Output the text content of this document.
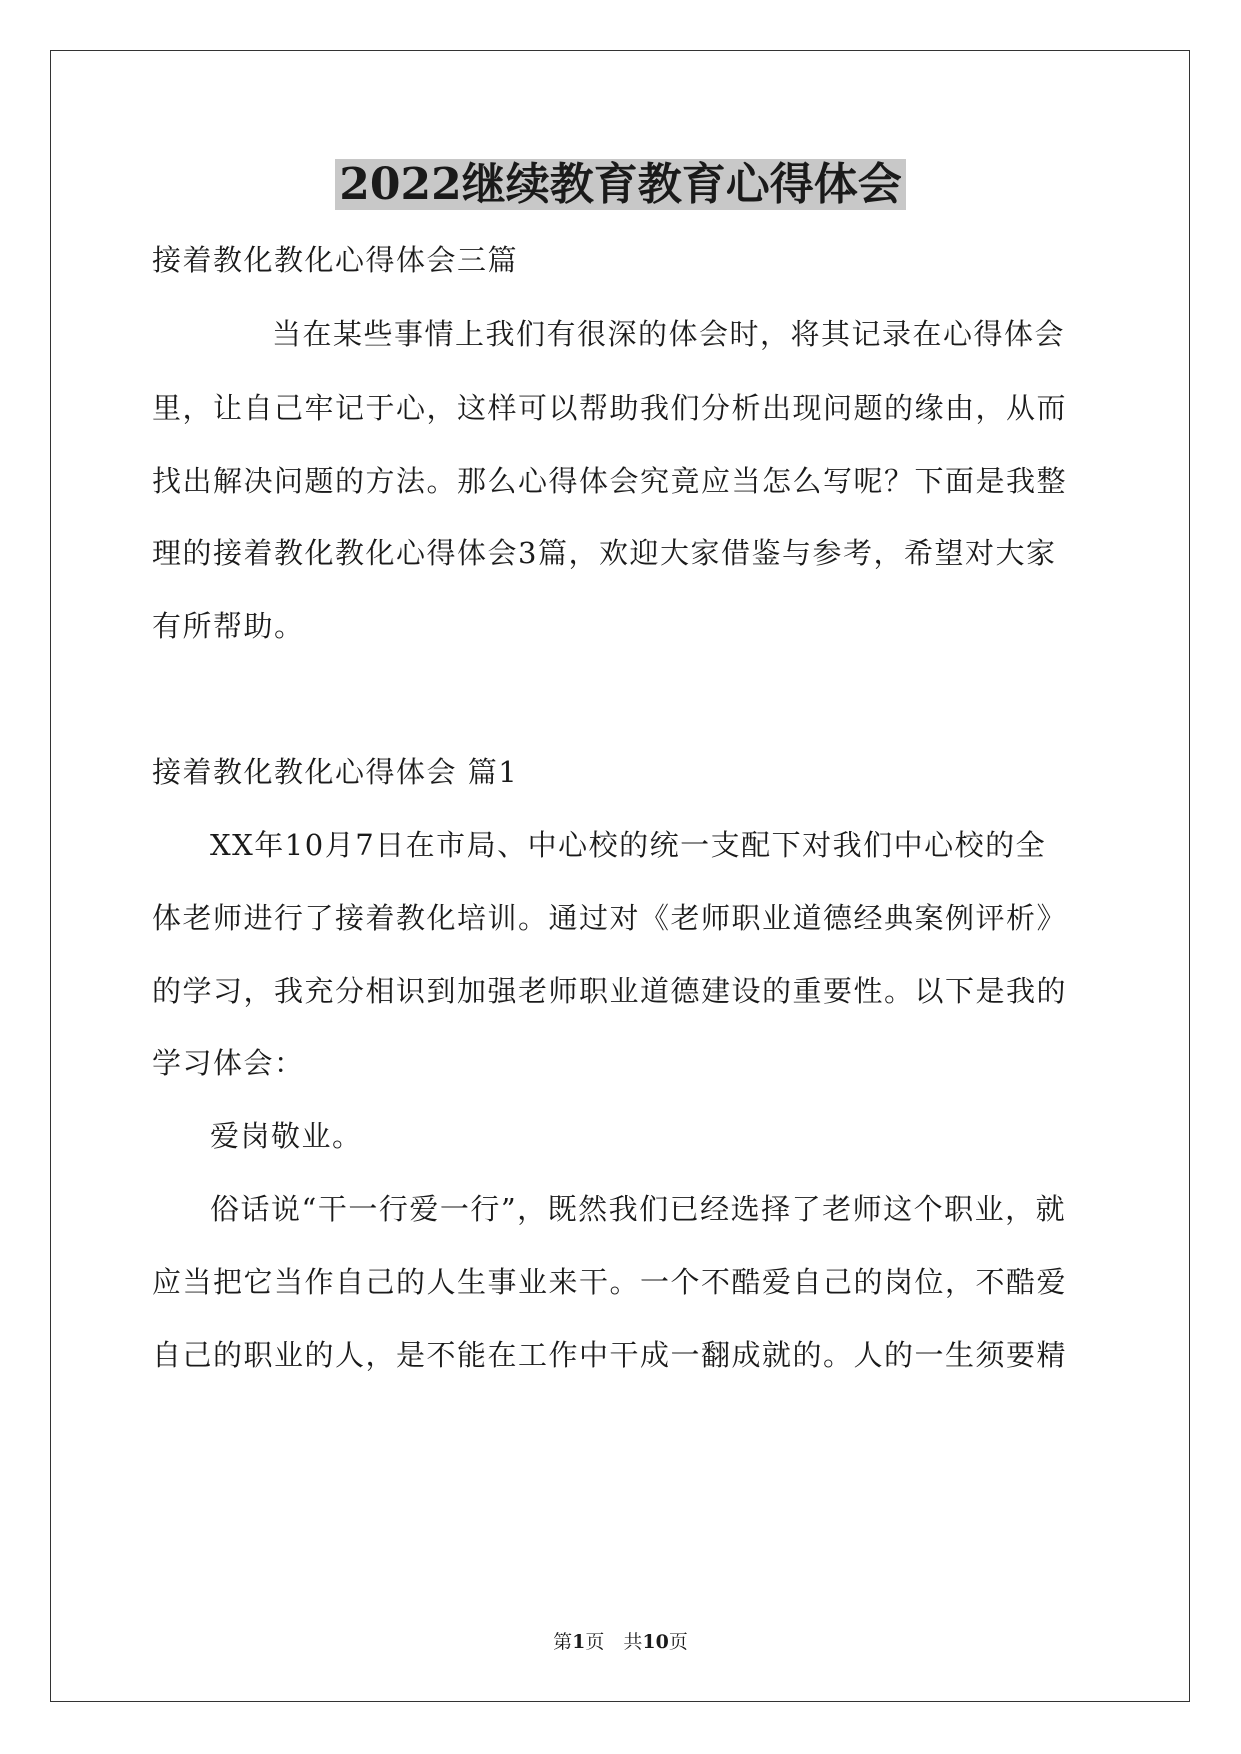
2022继续教育教育心得体会
接着教化教化心得体会三篇
当在某些事情上我们有很深的体会时，将其记录在心得体会
里，让自己牢记于心，这样可以帮助我们分析出现问题的缘由，从而
找出解决问题的方法。那么心得体会究竟应当怎么写呢？下面是我整
理的接着教化教化心得体会3篇，欢迎大家借鉴与参考，希望对大家
有所帮助。
接着教化教化心得体会 篇1
XX年10月7日在市局、中心校的统一支配下对我们中心校的全
体老师进行了接着教化培训。通过对《老师职业道德经典案例评析》
的学习，我充分相识到加强老师职业道德建设的重要性。以下是我的
学习体会：
爱岗敬业。
俗话说“干一行爱一行”，既然我们已经选择了老师这个职业，就
应当把它当作自己的人生事业来干。一个不酷爱自己的岗位，不酷爱
自己的职业的人，是不能在工作中干成一翻成就的。人的一生须要精
第1页　共10页
